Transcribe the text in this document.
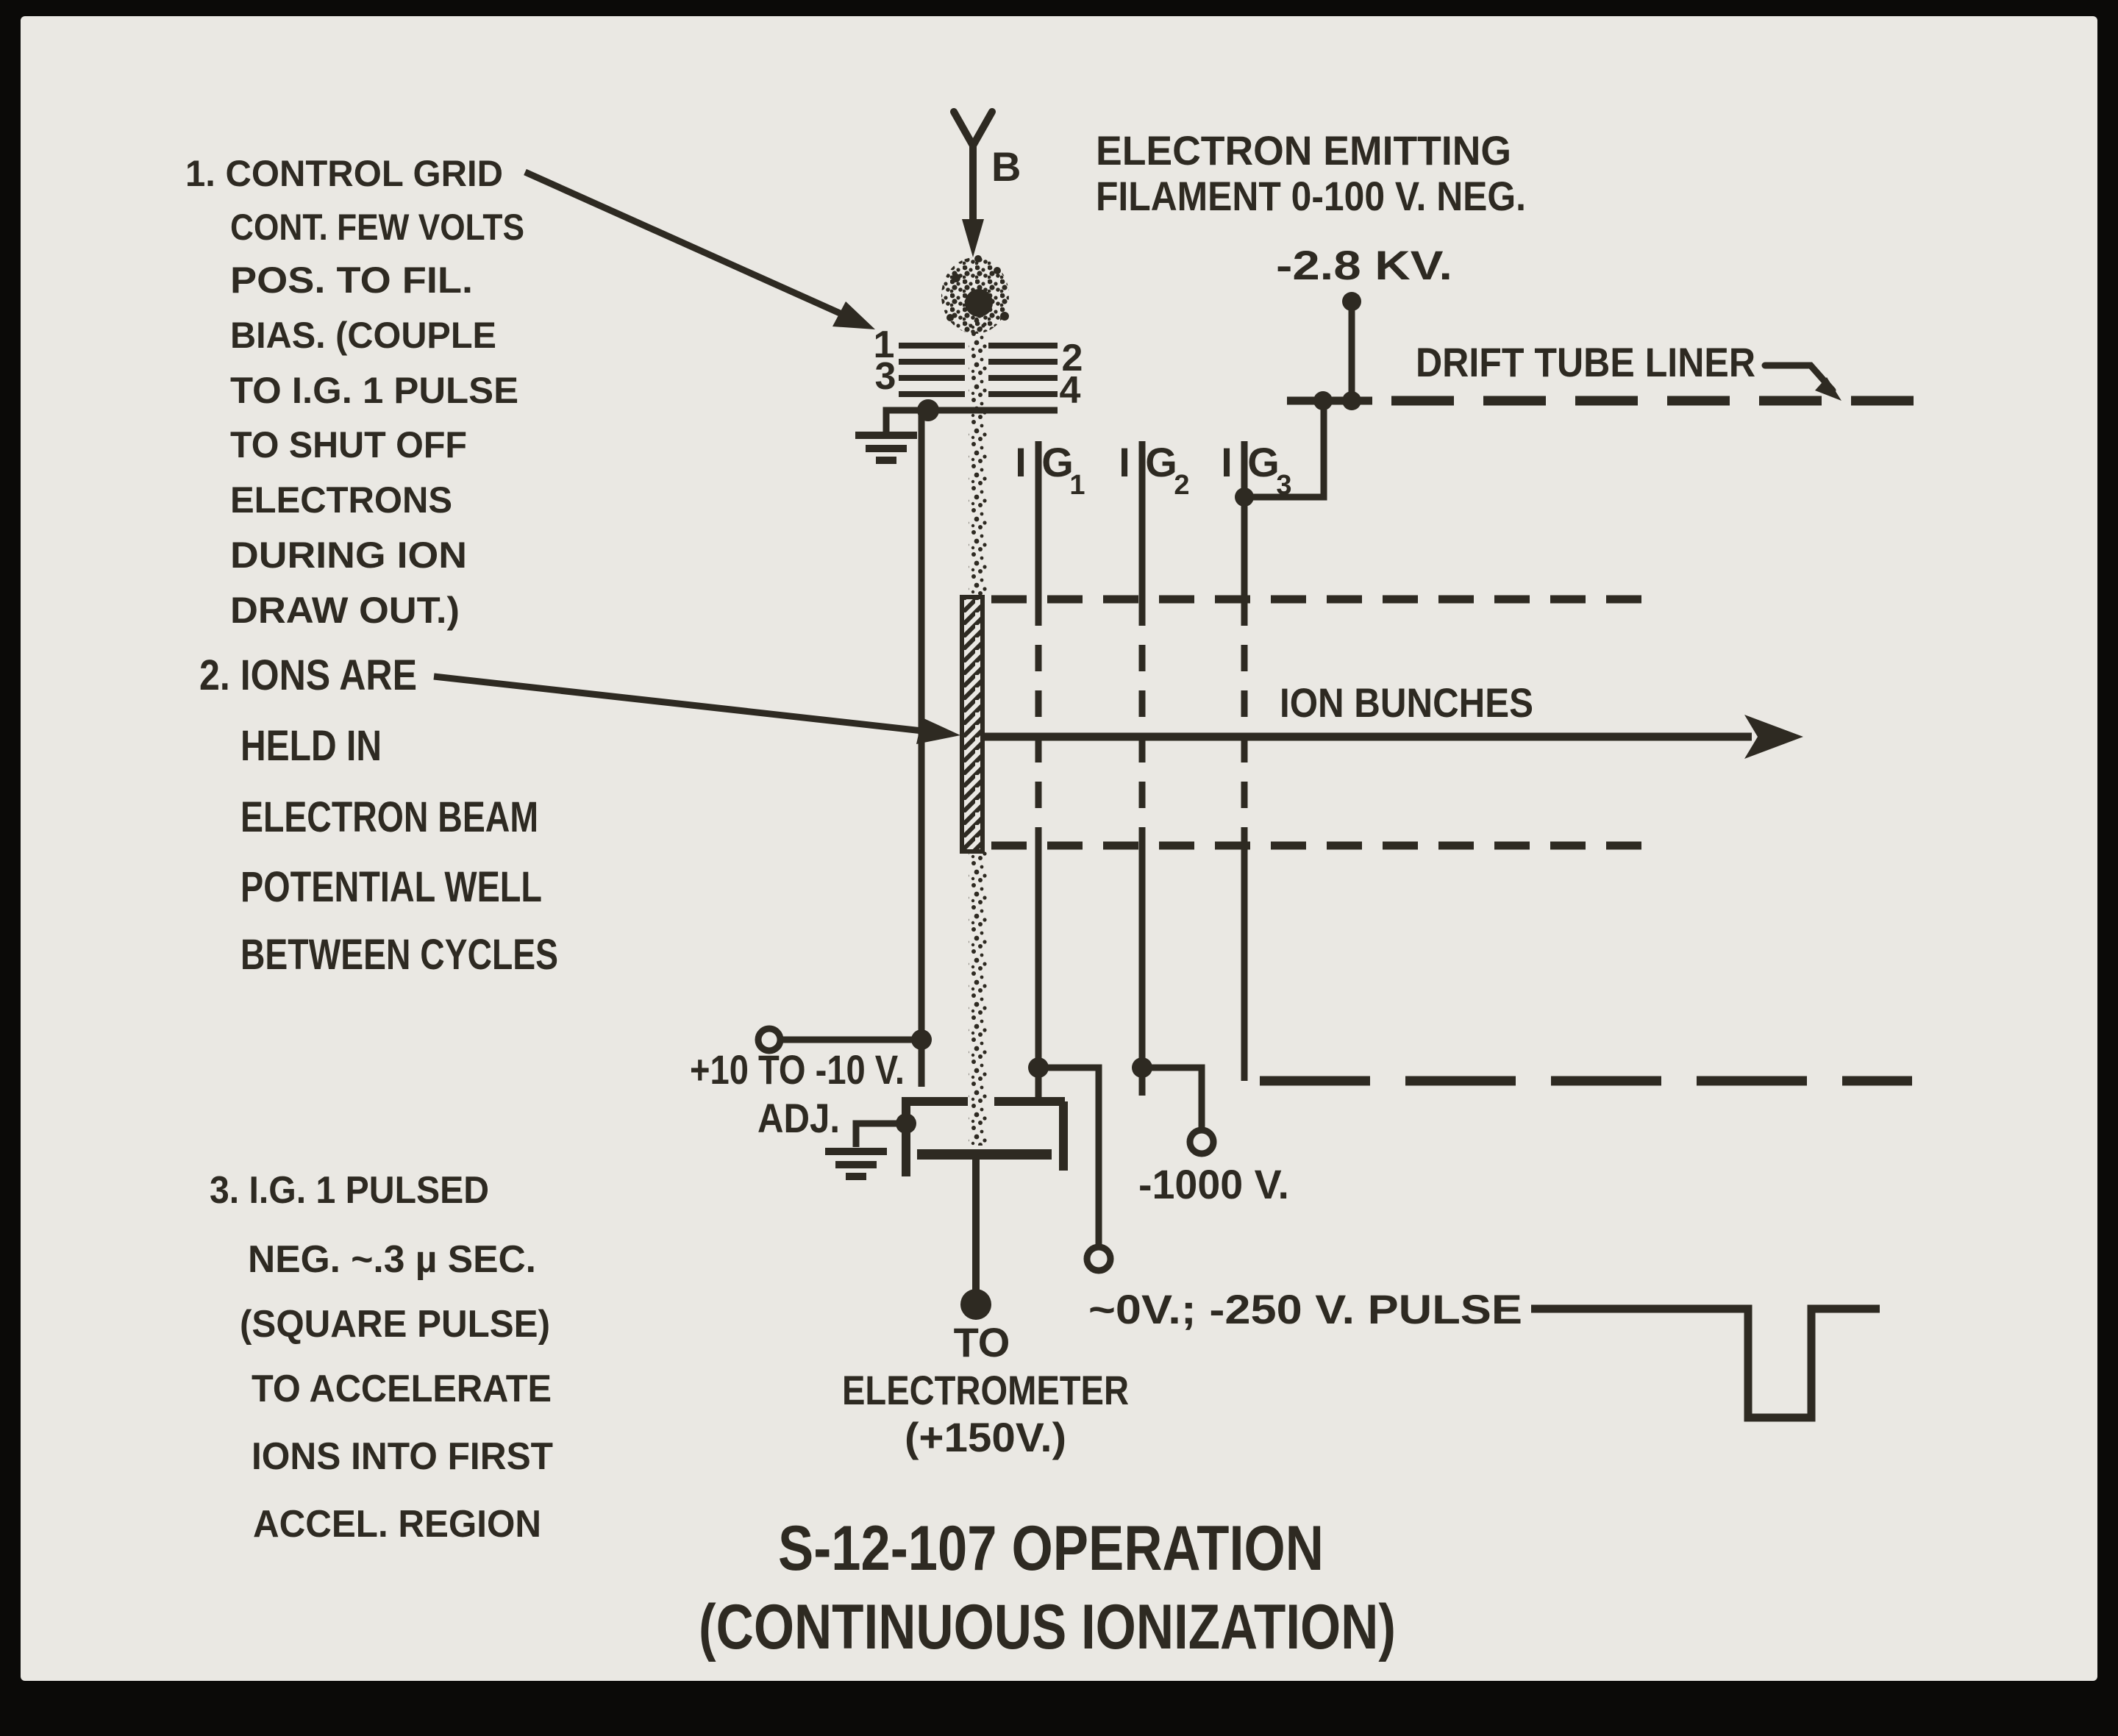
B ELECTRON EMITTING
FILAMENT 0-100 V. NEG.
-2.8 KV.
DRIFT TUBE LINER
1	2
3	4
I G
1 I G
2 I G
3
ION BUNCHES
+10 TO -10 V.
ADJ.
TO
ELECTROMETER
(+150V.)
~0V.; -250 V. PULSE
-1000 V.
1. CONTROL GRID
CONT. FEW VOLTS
POS. TO FIL.
BIAS. (COUPLE
TO I.G. 1 PULSE
TO SHUT OFF
ELECTRONS
DURING ION
DRAW OUT.)
2. IONS ARE
HELD IN
ELECTRON BEAM
POTENTIAL WELL
BETWEEN CYCLES
3. I.G. 1 PULSED
NEG. ~.3 µ SEC.
(SQUARE PULSE)
TO ACCELERATE
IONS INTO FIRST
ACCEL. REGION	S-12-107 OPERATION
(CONTINUOUS IONIZATION)
